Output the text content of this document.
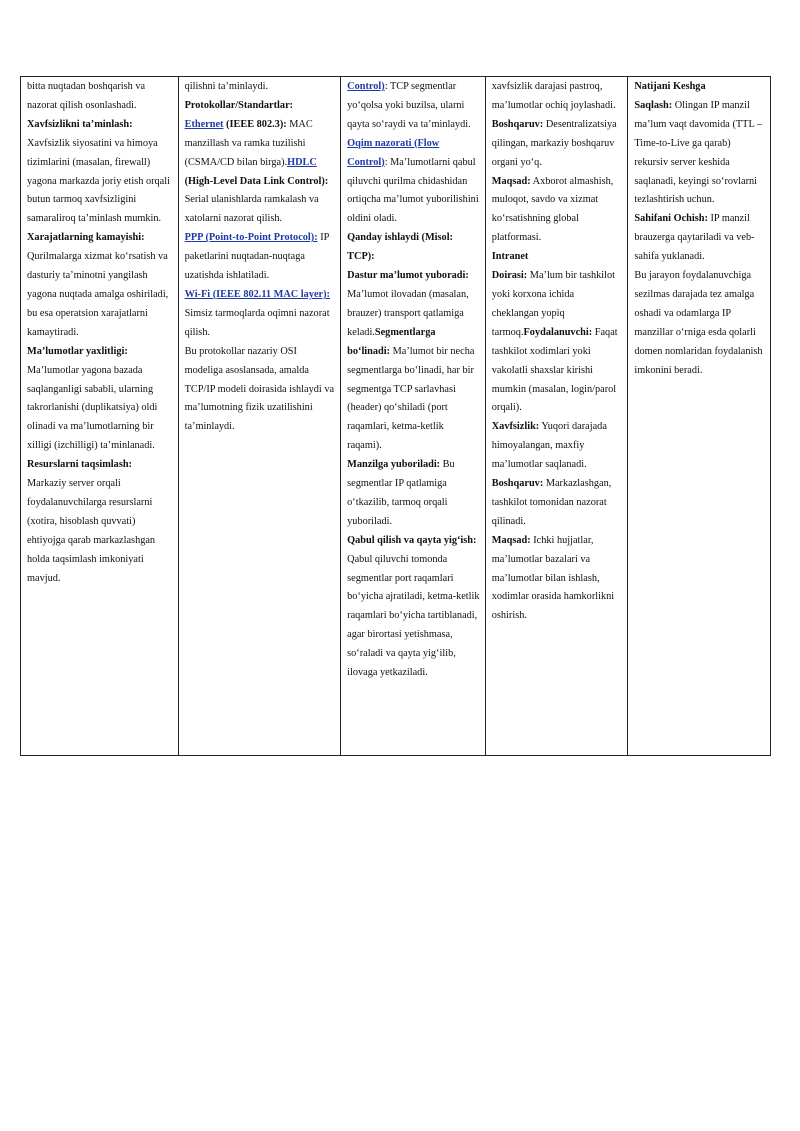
bitta nuqtadan boshqarish va nazorat qilish osonlashadi.

Xavfsizlikni ta’minlash: Xavfsizlik siyosatini va himoya tizimlarini (masalan, firewall) yagona markazda joriy etish orqali butun tarmoq xavfsizligini samaraliroq ta’minlash mumkin.

Xarajatlarning kamayishi: Qurilmalarga xizmat ko‘rsatish va dasturiy ta’minotni yangilash yagona nuqtada amalga oshiriladi, bu esa operatsion xarajatlarni kamaytiradi.

Ma’lumotlar yaxlitligi: Ma’lumotlar yagona bazada saqlanganligi sababli, ularning takrorlanishi (duplikatsiya) oldi olinadi va ma’lumotlarning bir xilligi (izchilligi) ta’minlanadi.

Resurslarni taqsimlash: Markaziy server orqali foydalanuvchilarga resurslarni (xotira, hisoblash quvvati) ehtiyojga qarab markazlashgan holda taqsimlash imkoniyati mavjud.

qilishni ta’minlaydi.

Protokollar/Standartlar:

Ethernet (IEEE 802.3): MAC manzillash va ramka tuzilishi (CSMA/CD bilan birga).HDLC (High-Level Data Link Control): Serial ulanishlarda ramkalash va xatolarni nazorat qilish.

PPP (Point-to-Point Protocol): IP paketlarini nuqtadan-nuqtaga uzatishda ishlatiladi.

Wi-Fi (IEEE 802.11 MAC layer): Simsiz tarmoqlarda oqimni nazorat qilish.

Bu protokollar nazariy OSI modeliga asoslansada, amalda TCP/IP modeli doirasida ishlaydi va ma’lumotning fizik uzatilishini ta’minlaydi.

Control): TCP segmentlar yo‘qolsa yoki buzilsa, ularni qayta so‘raydi va ta’minlaydi.

Oqim nazorati (Flow Control): Ma’lumotlarni qabul qiluvchi qurilma chidashidan ortiqcha ma’lumot yuborilishini oldini oladi.

Qanday ishlaydi (Misol: TCP):

Dastur ma’lumot yuboradi: Ma’lumot ilovadan (masalan, brauzer) transport qatlamiga keladi.Segmentlarga bo‘linadi: Ma’lumot bir necha segmentlarga bo‘linadi, har bir segmentga TCP sarlavhasi (header) qo‘shiladi (port raqamlari, ketma-ketlik raqami).

Manzilga yuboriladi: Bu segmentlar IP qatlamiga o‘tkazilib, tarmoq orqali yuboriladi.

Qabul qilish va qayta yig‘ish: Qabul qiluvchi tomonda segmentlar port raqamlari bo‘yicha ajratiladi, ketma-ketlik raqamlari bo‘yicha tartiblanadi, agar birortasi yetishmasa, so‘raladi va qayta yig‘ilib, ilovaga yetkaziladi.

xavfsizlik darajasi pastroq, ma’lumotlar ochiq joylashadi.

Boshqaruv: Desentralizatsiya qilingan, markaziy boshqaruv organi yo‘q.

Maqsad: Axborot almashish, muloqot, savdo va xizmat ko‘rsatishning global platformasi.

Intranet

Doirasi: Ma’lum bir tashkilot yoki korxona ichida cheklangan yopiq tarmoq.Foydalanuvchi: Faqat tashkilot xodimlari yoki vakolatli shaxslar kirishi mumkin (masalan, login/parol orqali).

Xavfsizlik: Yuqori darajada himoyalangan, maxfiy ma’lumotlar saqlanadi.

Boshqaruv: Markazlashgan, tashkilot tomonidan nazorat qilinadi.

Maqsad: Ichki hujjatlar, ma’lumotlar bazalari va ma’lumotlar bilan ishlash, xodimlar orasida hamkorlikni oshirish.

Natijani Keshga

Saqlash: Olingan IP manzil ma’lum vaqt davomida (TTL – Time-to-Live ga qarab) rekursiv server keshida saqlanadi, keyingi so‘rovlarni tezlashtirish uchun.

Sahifani Ochish: IP manzil brauzerga qaytariladi va veb-sahifa yuklanadi.

Bu jarayon foydalanuvchiga sezilmas darajada tez amalga oshadi va odamlarga IP manzillar o‘rniga esda qolarli domen nomlaridan foydalanish imkonini beradi.
